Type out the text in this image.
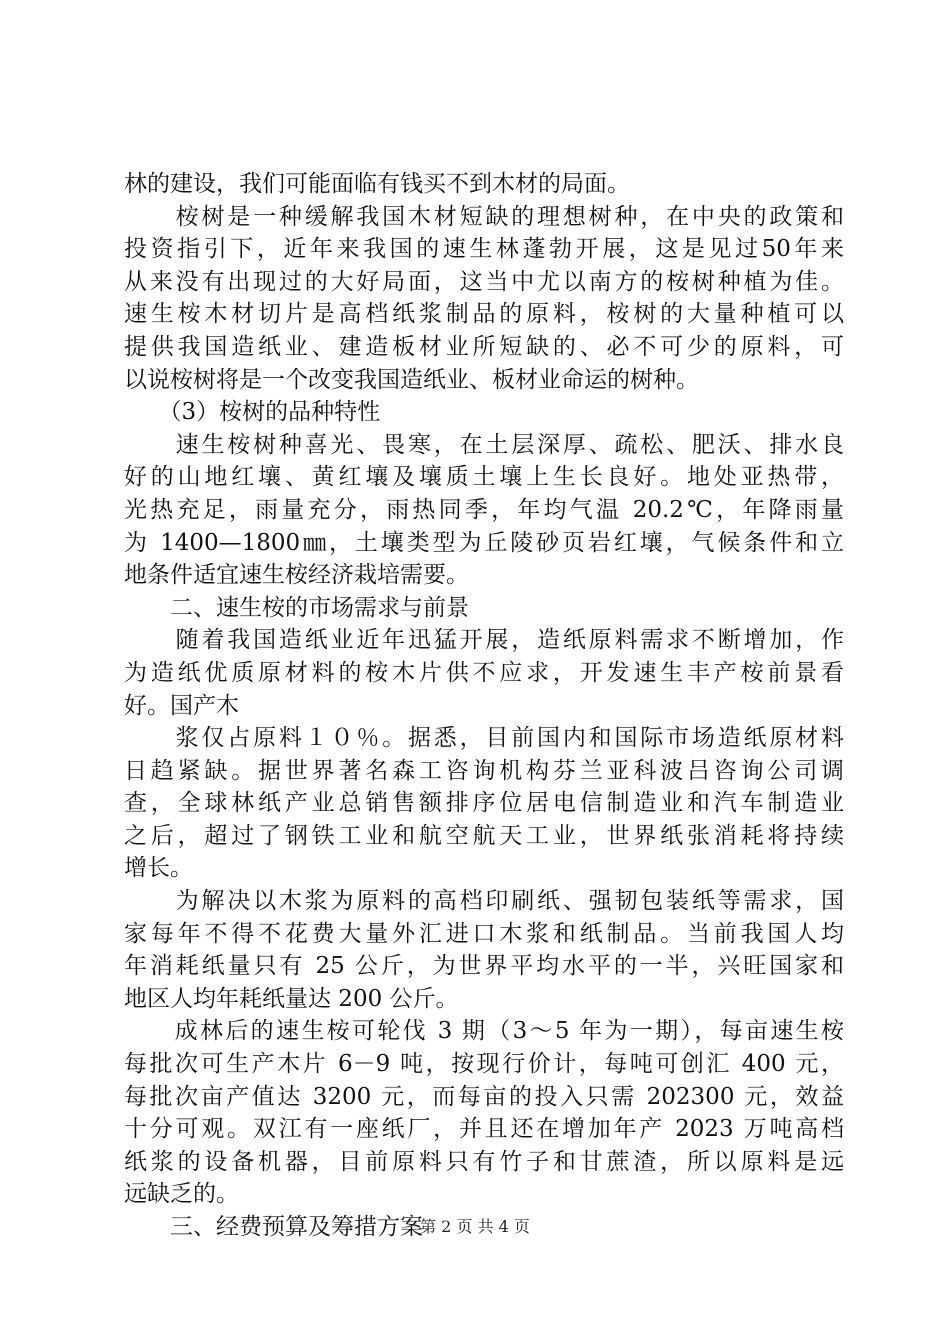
林的建设，我们可能面临有钱买不到木材的局面。
　　桉树是一种缓解我国木材短缺的理想树种，在中央的政策和
投资指引下，近年来我国的速生林蓬勃开展，这是见过50年来
从来没有出现过的大好局面，这当中尤以南方的桉树种植为佳。
速生桉木材切片是高档纸浆制品的原料，桉树的大量种植可以
提供我国造纸业、建造板材业所短缺的、必不可少的原料，可
以说桉树将是一个改变我国造纸业、板材业命运的树种。
　　（3）桉树的品种特性
　　速生桉树种喜光、畏寒，在土层深厚、疏松、肥沃、排水良
好的山地红壤、黄红壤及壤质土壤上生长良好。地处亚热带，
光热充足，雨量充分，雨热同季，年均气温 20.2℃，年降雨量
为 1400—1800㎜，土壤类型为丘陵砂页岩红壤，气候条件和立
地条件适宜速生桉经济栽培需要。
　　二、速生桉的市场需求与前景
　　随着我国造纸业近年迅猛开展，造纸原料需求不断增加，作
为造纸优质原材料的桉木片供不应求，开发速生丰产桉前景看
好。国产木
　　浆仅占原料１０％。据悉，目前国内和国际市场造纸原材料
日趋紧缺。据世界著名森工咨询机构芬兰亚科波吕咨询公司调
查，全球林纸产业总销售额排序位居电信制造业和汽车制造业
之后，超过了钢铁工业和航空航天工业，世界纸张消耗将持续
增长。
　　为解决以木浆为原料的高档印刷纸、强韧包装纸等需求，国
家每年不得不花费大量外汇进口木浆和纸制品。当前我国人均
年消耗纸量只有 25 公斤，为世界平均水平的一半，兴旺国家和
地区人均年耗纸量达 200 公斤。
　　成林后的速生桉可轮伐 3 期（3～5 年为一期），每亩速生桉
每批次可生产木片 6－9 吨，按现行价计，每吨可创汇 400 元，
每批次亩产值达 3200 元，而每亩的投入只需 202300 元，效益
十分可观。双江有一座纸厂，并且还在增加年产 2023 万吨高档
纸浆的设备机器，目前原料只有竹子和甘蔗渣，所以原料是远
远缺乏的。
　　三、经费预算及筹措方案
第 2 页 共 4 页
